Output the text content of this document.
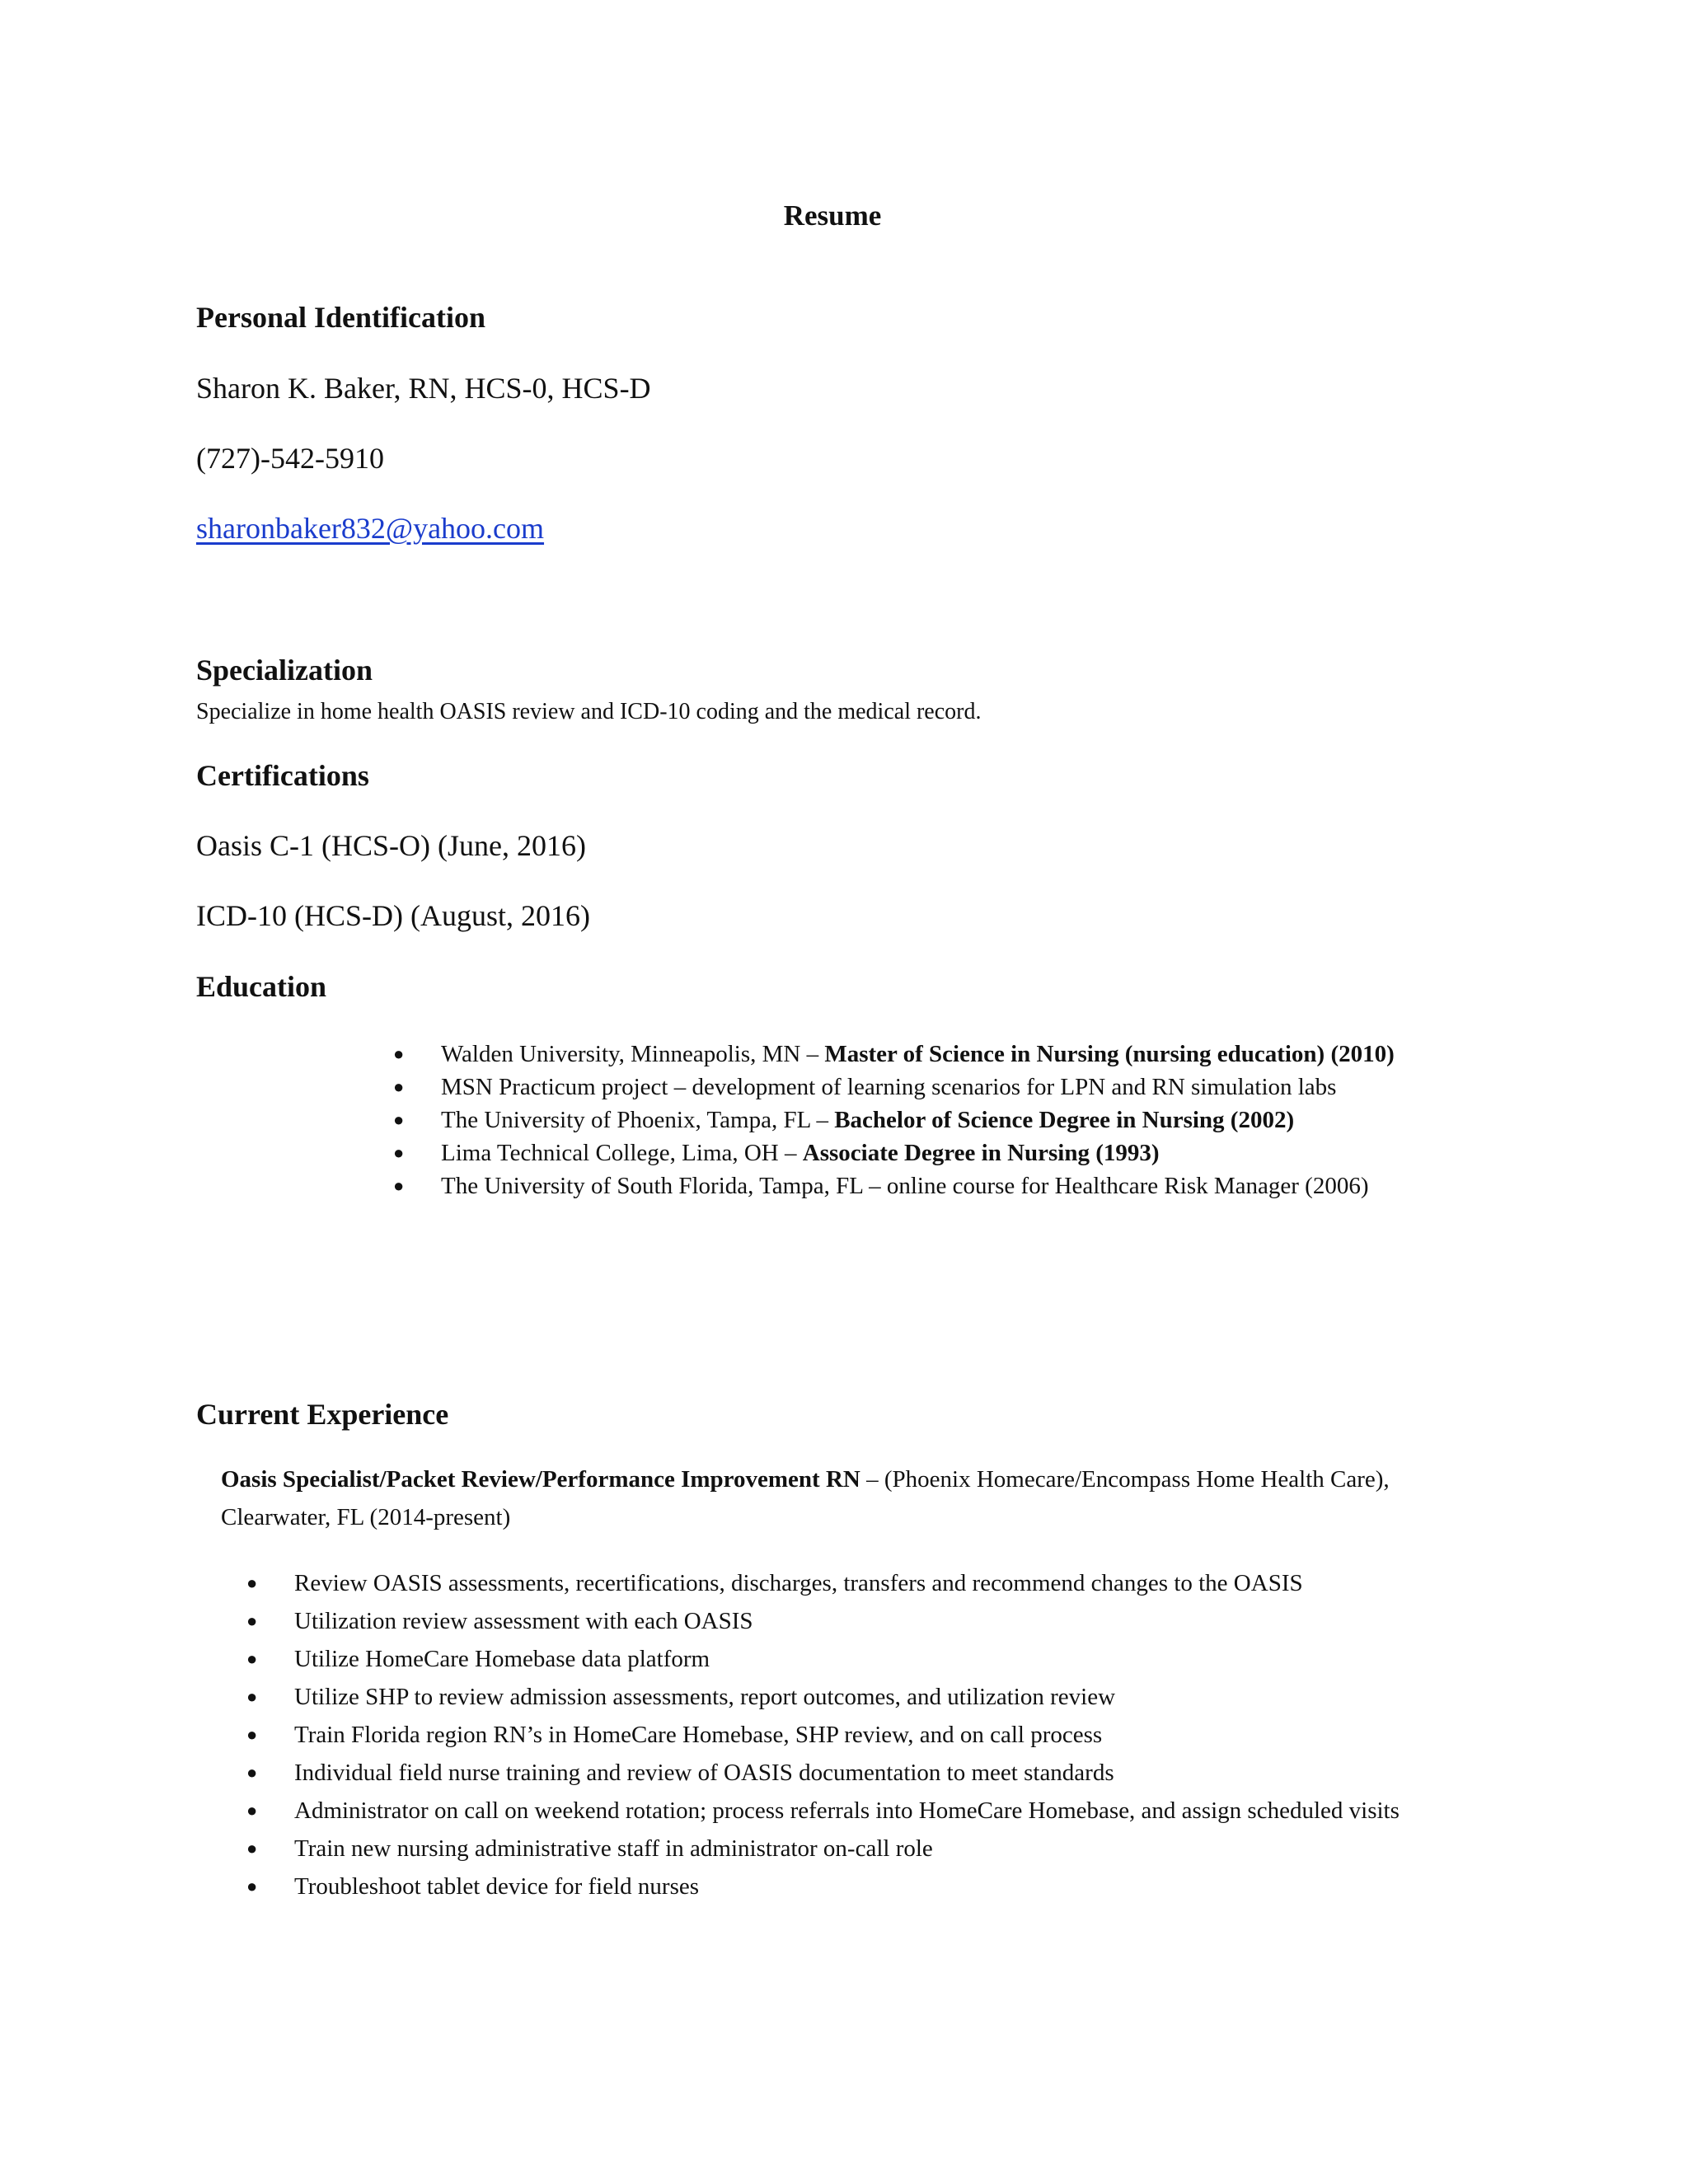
Resume
Personal Identification
Sharon K. Baker, RN, HCS-0, HCS-D
(727)-542-5910
sharonbaker832@yahoo.com
Specialization
Specialize in home health OASIS review and ICD-10 coding and the medical record.
Certifications
Oasis C-1 (HCS-O) (June, 2016)
ICD-10 (HCS-D) (August, 2016)
Education
● Walden University, Minneapolis, MN – Master of Science in Nursing (nursing education) (2010)
● MSN Practicum project – development of learning scenarios for LPN and RN simulation labs
● The University of Phoenix, Tampa, FL – Bachelor of Science Degree in Nursing (2002)
● Lima Technical College, Lima, OH – Associate Degree in Nursing (1993)
● The University of South Florida, Tampa, FL – online course for Healthcare Risk Manager (2006)
Current Experience
Oasis Specialist/Packet Review/Performance Improvement RN – (Phoenix Homecare/Encompass Home Health Care), Clearwater, FL (2014-present)
● Review OASIS assessments, recertifications, discharges, transfers and recommend changes to the OASIS
● Utilization review assessment with each OASIS
● Utilize HomeCare Homebase data platform
● Utilize SHP to review admission assessments, report outcomes, and utilization review
● Train Florida region RN’s in HomeCare Homebase, SHP review, and on call process
● Individual field nurse training and review of OASIS documentation to meet standards
● Administrator on call on weekend rotation; process referrals into HomeCare Homebase, and assign scheduled visits
● Train new nursing administrative staff in administrator on-call role
● Troubleshoot tablet device for field nurses
